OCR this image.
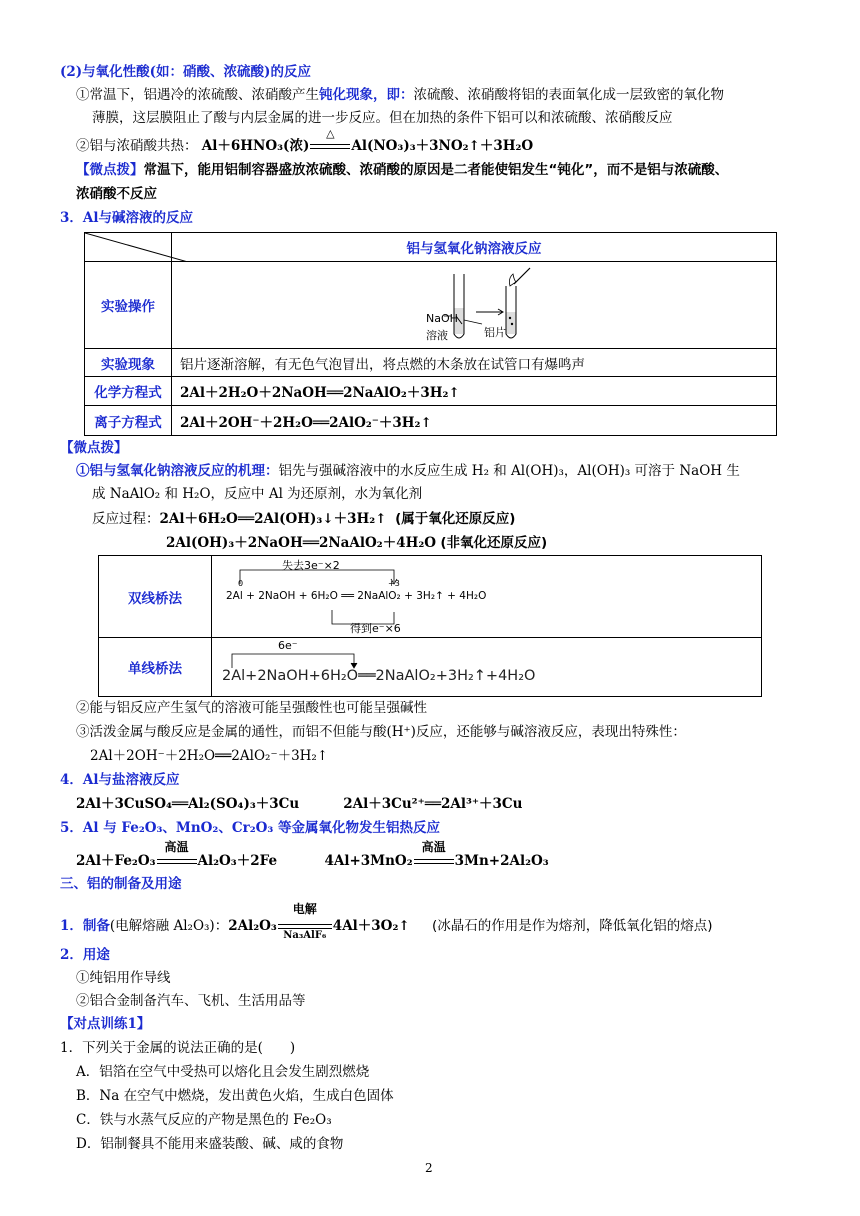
(2)与氧化性酸(如：硝酸、浓硫酸)的反应
①常温下，铝遇冷的浓硫酸、浓硝酸产生钝化现象，即：浓硫酸、浓硝酸将铝的表面氧化成一层致密的氧化物
薄膜，这层膜阻止了酸与内层金属的进一步反应。但在加热的条件下铝可以和浓硫酸、浓硝酸反应
②铝与浓硝酸共热： Al＋6HNO₃(浓)
△
Al(NO₃)₃＋3NO₂↑＋3H₂O
【微点拨】常温下，能用铝制容器盛放浓硫酸、浓硝酸的原因是二者能使铝发生“钝化”，而不是铝与浓硫酸、
浓硝酸不反应
3．Al与碱溶液的反应
	铝与氢氧化钠溶液反应
实验操作	NaOH
溶液 铝片

实验现象	铝片逐渐溶解，有无色气泡冒出，将点燃的木条放在试管口有爆鸣声
化学方程式	2Al＋2H₂O＋2NaOH══2NaAlO₂＋3H₂↑
离子方程式	2Al＋2OH⁻＋2H₂O══2AlO₂⁻＋3H₂↑
【微点拨】
①铝与氢氧化钠溶液反应的机理：铝先与强碱溶液中的水反应生成 H₂ 和 Al(OH)₃，Al(OH)₃ 可溶于 NaOH 生
成 NaAlO₂ 和 H₂O，反应中 Al 为还原剂，水为氧化剂
反应过程：2Al＋6H₂O══2Al(OH)₃↓＋3H₂↑ (属于氧化还原反应)
2Al(OH)₃＋2NaOH══2NaAlO₂＋4H₂O (非氧化还原反应)
双线桥法	失去3e⁻×2
0 +3
2Al + 2NaOH + 6H₂O ══ 2NaAlO₂ + 3H₂↑ + 4H₂O
得到e⁻×6

单线桥法	6e⁻
2Al+2NaOH+6H₂O══2NaAlO₂+3H₂↑+4H₂O
②能与铝反应产生氢气的溶液可能呈强酸性也可能呈强碱性
③活泼金属与酸反应是金属的通性，而铝不但能与酸(H⁺)反应，还能够与碱溶液反应，表现出特殊性：
2Al＋2OH⁻＋2H₂O══2AlO₂⁻＋3H₂↑
4．Al与盐溶液反应
2Al＋3CuSO₄══Al₂(SO₄)₃＋3Cu	2Al＋3Cu²⁺══2Al³⁺＋3Cu
5．Al 与 Fe₂O₃、MnO₂、Cr₂O₃ 等金属氧化物发生铝热反应
2Al＋Fe₂O₃
高温
Al₂O₃＋2Fe	4Al+3MnO₂
高温
3Mn+2Al₂O₃
三、铝的制备及用途
1．制备(电解熔融 Al₂O₃)：2Al₂O₃
电解
Na₃AlF₆
4Al＋3O₂↑ (冰晶石的作用是作为熔剂，降低氧化铝的熔点)
2．用途
①纯铝用作导线
②铝合金制备汽车、飞机、生活用品等
【对点训练1】
1．下列关于金属的说法正确的是(　　)
A．铝箔在空气中受热可以熔化且会发生剧烈燃烧
B．Na 在空气中燃烧，发出黄色火焰，生成白色固体
C．铁与水蒸气反应的产物是黑色的 Fe₂O₃
D．铝制餐具不能用来盛装酸、碱、咸的食物
2
